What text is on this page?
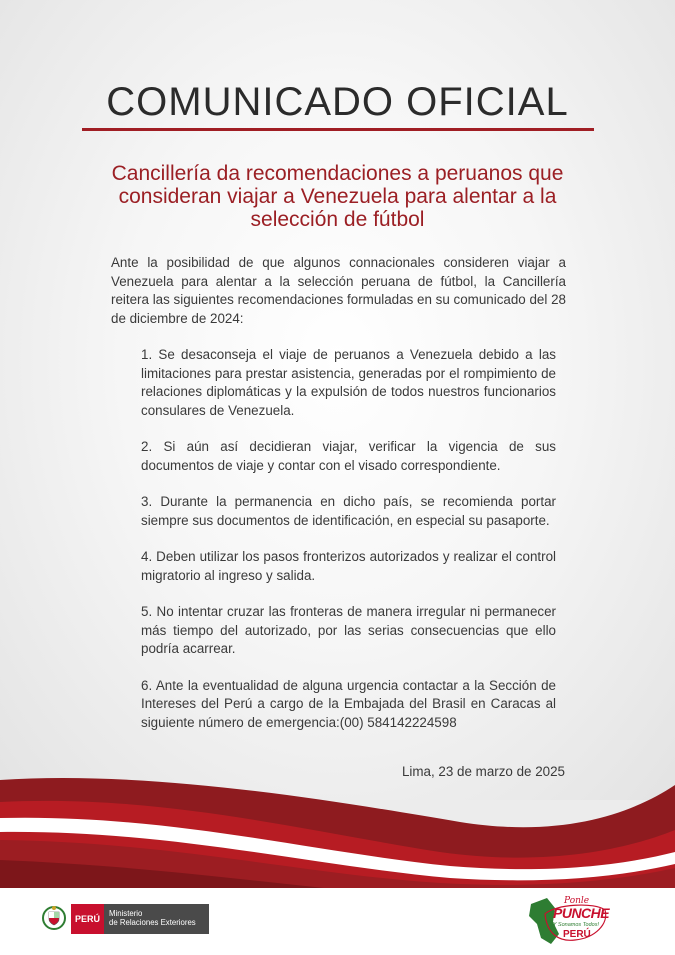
COMUNICADO OFICIAL
Cancillería da recomendaciones a peruanos que consideran viajar a Venezuela para alentar a la selección de fútbol

Ante la posibilidad de que algunos connacionales consideren viajar a Venezuela para alentar a la selección peruana de fútbol, la Cancillería reitera las siguientes recomendaciones formuladas en su comunicado del 28 de diciembre de 2024:

1. Se desaconseja el viaje de peruanos a Venezuela debido a las limitaciones para prestar asistencia, generadas por el rompimiento de relaciones diplomáticas y la expulsión de todos nuestros funcionarios consulares de Venezuela.

2. Si aún así decidieran viajar, verificar la vigencia de sus documentos de viaje y contar con el visado correspondiente.

3. Durante la permanencia en dicho país, se recomienda portar siempre sus documentos de identificación, en especial su pasaporte.

4. Deben utilizar los pasos fronterizos autorizados y realizar el control migratorio al ingreso y salida.

5. No intentar cruzar las fronteras de manera irregular ni permanecer más tiempo del autorizado, por las serias consecuencias que ello podría acarrear.

6. Ante la eventualidad de alguna urgencia contactar a la Sección de Intereses del Perú a cargo de la Embajada del Brasil en Caracas al siguiente número de emergencia:(00) 584142224598

Lima, 23 de marzo de 2025
PERÚ
Ministerio
de Relaciones Exteriores
Ponle
PUNCHE
¡Y Sonamos Todos!
PERÚ
